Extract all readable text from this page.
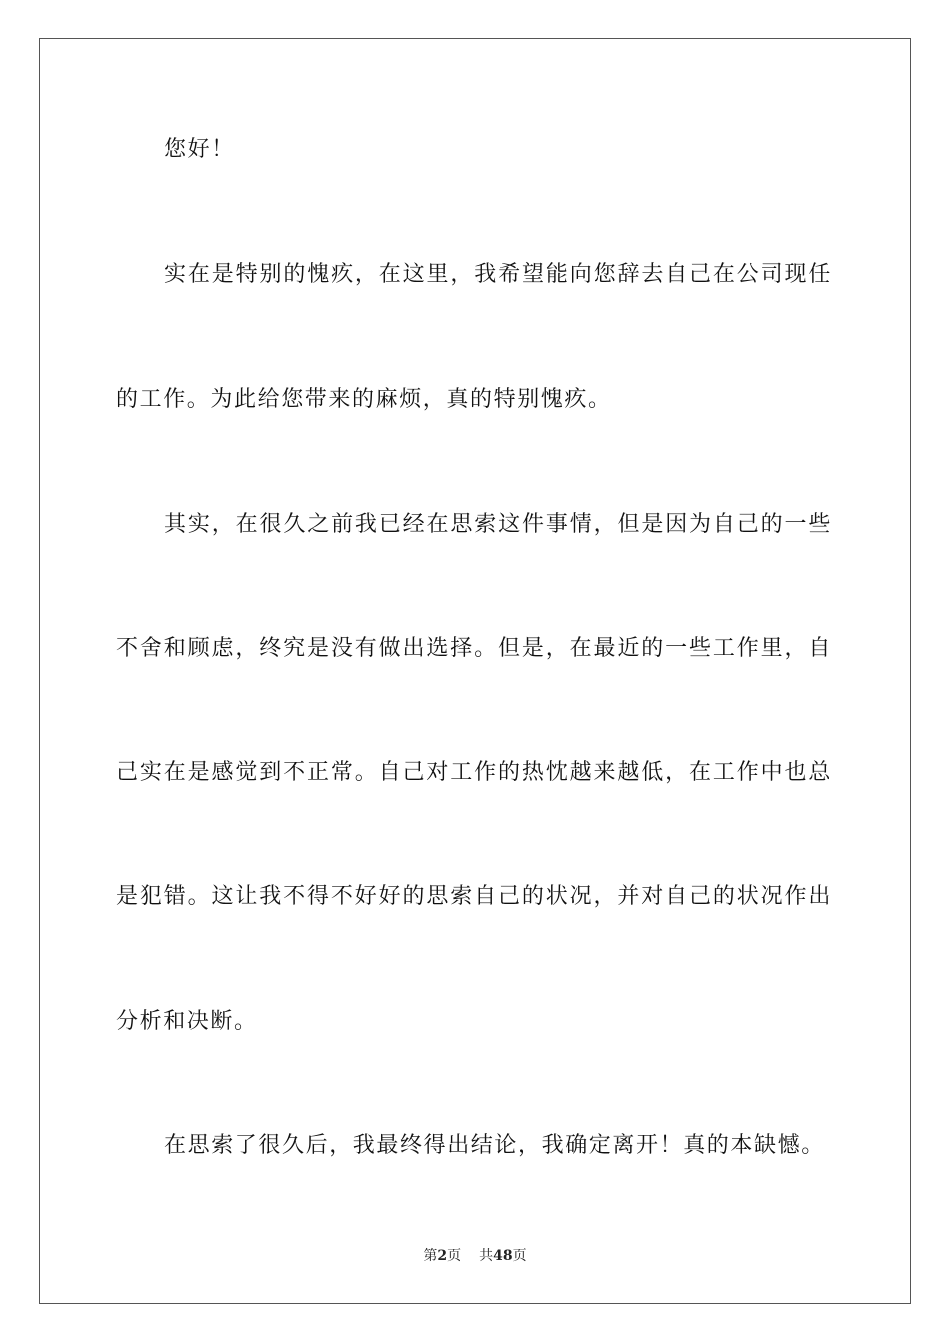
您好！
实在是特别的愧疚，在这里，我希望能向您辞去自己在公司现任
的工作。为此给您带来的麻烦，真的特别愧疚。
其实，在很久之前我已经在思索这件事情，但是因为自己的一些
不舍和顾虑，终究是没有做出选择。但是，在最近的一些工作里，自
己实在是感觉到不正常。自己对工作的热忱越来越低，在工作中也总
是犯错。这让我不得不好好的思索自己的状况，并对自己的状况作出
分析和决断。
在思索了很久后，我最终得出结论，我确定离开！真的本缺憾。
第2页 共48页
